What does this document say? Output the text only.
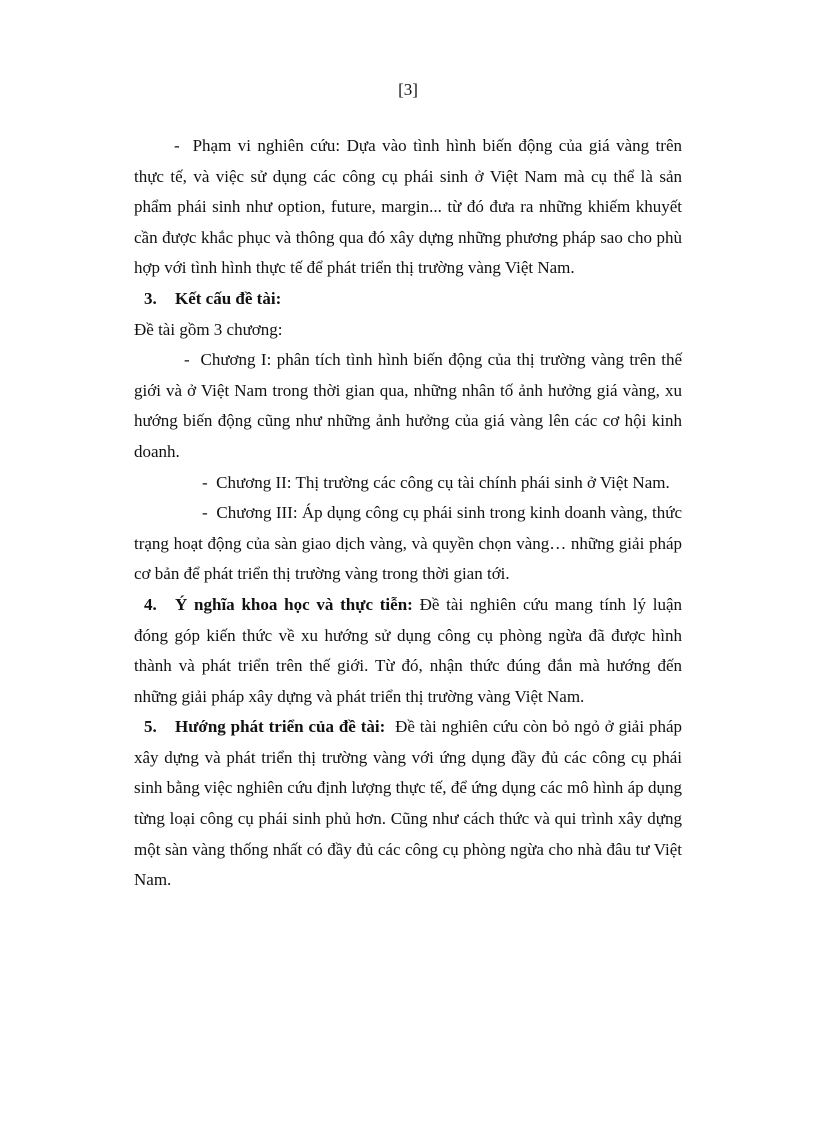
[3]

- Phạm vi nghiên cứu: Dựa vào tình hình biến động của giá vàng trên thực tế, và việc sử dụng các công cụ phái sinh ở Việt Nam mà cụ thể là sản phẩm phái sinh như option, future, margin... từ đó đưa ra những khiếm khuyết cần được khắc phục và thông qua đó xây dựng những phương pháp sao cho phù hợp với tình hình thực tế để phát triển thị trường vàng Việt Nam.

3. Kết cấu đề tài:

Đề tài gồm 3 chương:

- Chương I: phân tích tình hình biến động của thị trường vàng trên thế giới và ở Việt Nam trong thời gian qua, những nhân tố ảnh hưởng giá vàng, xu hướng biến động cũng như những ảnh hưởng của giá vàng lên các cơ hội kinh doanh.

- Chương II: Thị trường các công cụ tài chính phái sinh ở Việt Nam.

- Chương III: Áp dụng công cụ phái sinh trong kinh doanh vàng, thức trạng hoạt động của sàn giao dịch vàng, và quyền chọn vàng… những giải pháp cơ bản để phát triển thị trường vàng trong thời gian tới.

4. Ý nghĩa khoa học và thực tiễn: Đề tài nghiên cứu mang tính lý luận đóng góp kiến thức về xu hướng sử dụng công cụ phòng ngừa đã được hình thành và phát triển trên thế giới. Từ đó, nhận thức đúng đắn mà hướng đến những giải pháp xây dựng và phát triển thị trường vàng Việt Nam.

5. Hướng phát triển của đề tài: Đề tài nghiên cứu còn bỏ ngỏ ở giải pháp xây dựng và phát triển thị trường vàng với ứng dụng đầy đủ các công cụ phái sinh bằng việc nghiên cứu định lượng thực tế, để ứng dụng các mô hình áp dụng từng loại công cụ phái sinh phủ hơn. Cũng như cách thức và qui trình xây dựng một sàn vàng thống nhất có đầy đủ các công cụ phòng ngừa cho nhà đâu tư Việt Nam.
